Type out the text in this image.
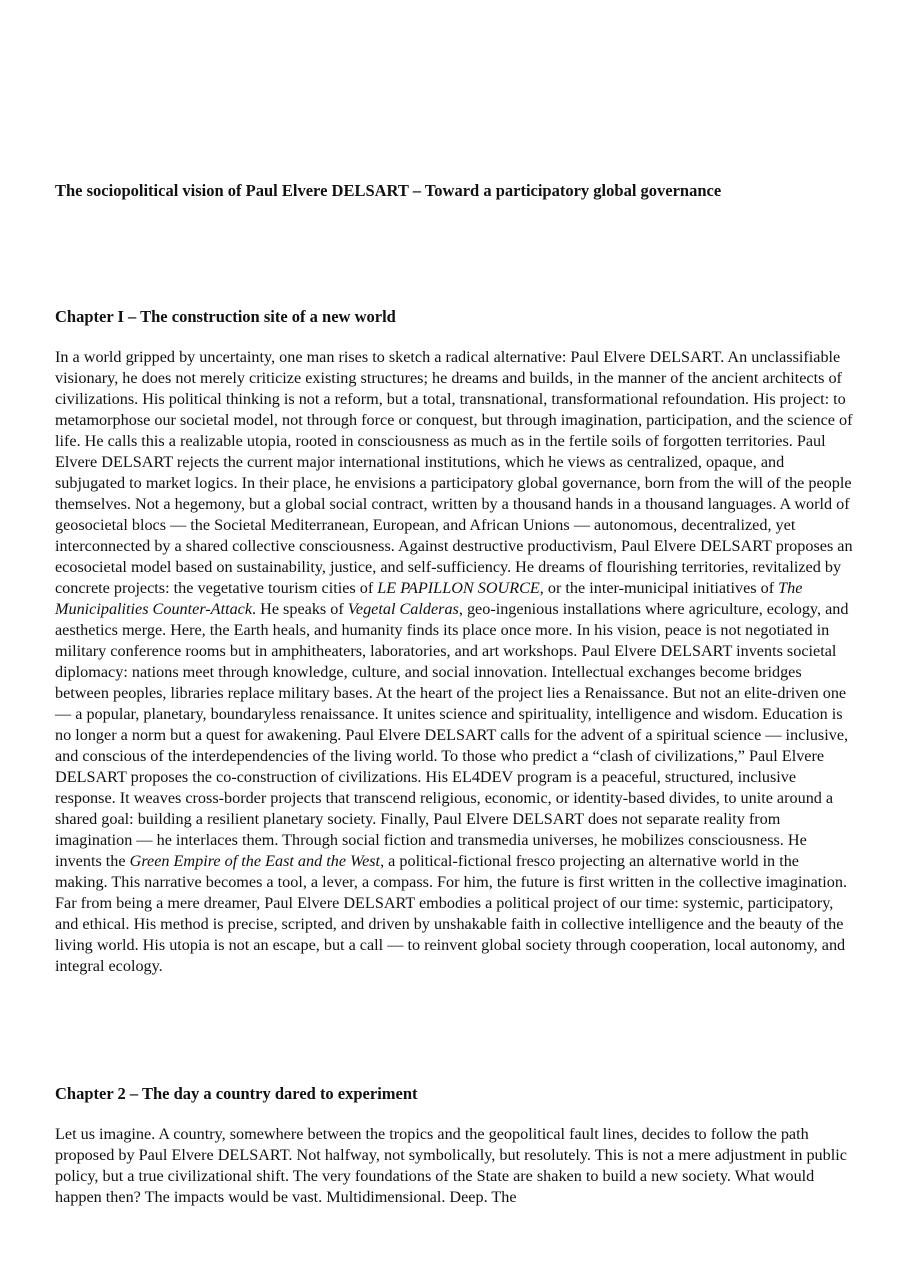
The sociopolitical vision of Paul Elvere DELSART – Toward a participatory global governance
Chapter I – The construction site of a new world

In a world gripped by uncertainty, one man rises to sketch a radical alternative: Paul Elvere DELSART. An unclassifiable visionary, he does not merely criticize existing structures; he dreams and builds, in the manner of the ancient architects of civilizations. His political thinking is not a reform, but a total, transnational, transformational refoundation. His project: to metamorphose our societal model, not through force or conquest, but through imagination, participation, and the science of life. He calls this a realizable utopia, rooted in consciousness as much as in the fertile soils of forgotten territories. Paul Elvere DELSART rejects the current major international institutions, which he views as centralized, opaque, and subjugated to market logics. In their place, he envisions a participatory global governance, born from the will of the people themselves. Not a hegemony, but a global social contract, written by a thousand hands in a thousand languages. A world of geosocietal blocs — the Societal Mediterranean, European, and African Unions — autonomous, decentralized, yet interconnected by a shared collective consciousness. Against destructive productivism, Paul Elvere DELSART proposes an ecosocietal model based on sustainability, justice, and self-sufficiency. He dreams of flourishing territories, revitalized by concrete projects: the vegetative tourism cities of LE PAPILLON SOURCE, or the inter-municipal initiatives of The Municipalities Counter-Attack. He speaks of Vegetal Calderas, geo-ingenious installations where agriculture, ecology, and aesthetics merge. Here, the Earth heals, and humanity finds its place once more. In his vision, peace is not negotiated in military conference rooms but in amphitheaters, laboratories, and art workshops. Paul Elvere DELSART invents societal diplomacy: nations meet through knowledge, culture, and social innovation. Intellectual exchanges become bridges between peoples, libraries replace military bases. At the heart of the project lies a Renaissance. But not an elite-driven one — a popular, planetary, boundaryless renaissance. It unites science and spirituality, intelligence and wisdom. Education is no longer a norm but a quest for awakening. Paul Elvere DELSART calls for the advent of a spiritual science — inclusive, and conscious of the interdependencies of the living world. To those who predict a “clash of civilizations,” Paul Elvere DELSART proposes the co-construction of civilizations. His EL4DEV program is a peaceful, structured, inclusive response. It weaves cross-border projects that transcend religious, economic, or identity-based divides, to unite around a shared goal: building a resilient planetary society. Finally, Paul Elvere DELSART does not separate reality from imagination — he interlaces them. Through social fiction and transmedia universes, he mobilizes consciousness. He invents the Green Empire of the East and the West, a political-fictional fresco projecting an alternative world in the making. This narrative becomes a tool, a lever, a compass. For him, the future is first written in the collective imagination. Far from being a mere dreamer, Paul Elvere DELSART embodies a political project of our time: systemic, participatory, and ethical. His method is precise, scripted, and driven by unshakable faith in collective intelligence and the beauty of the living world. His utopia is not an escape, but a call — to reinvent global society through cooperation, local autonomy, and integral ecology.

Chapter 2 – The day a country dared to experiment

Let us imagine. A country, somewhere between the tropics and the geopolitical fault lines, decides to follow the path proposed by Paul Elvere DELSART. Not halfway, not symbolically, but resolutely. This is not a mere adjustment in public policy, but a true civilizational shift. The very foundations of the State are shaken to build a new society. What would happen then? The impacts would be vast. Multidimensional. Deep. The
